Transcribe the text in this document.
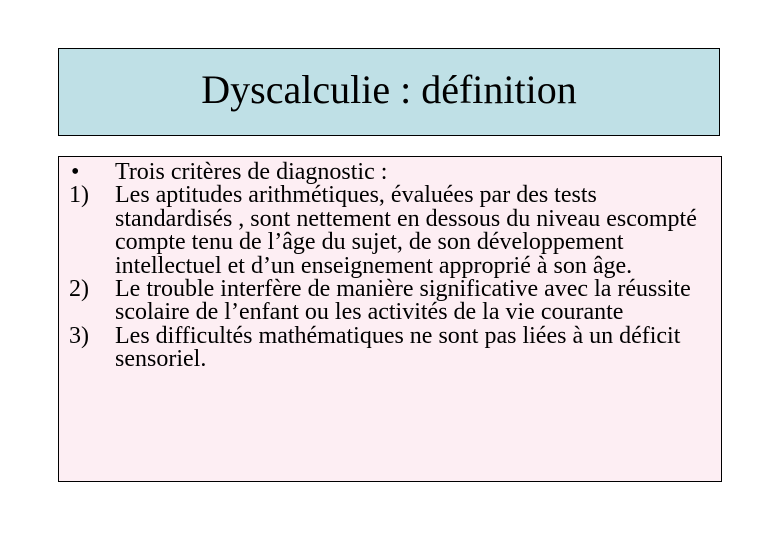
Dyscalculie : définition
• Trois critères de diagnostic :
1) Les aptitudes arithmétiques, évaluées par des tests standardisés , sont nettement en dessous du niveau escompté compte tenu de l’âge du sujet, de son développement intellectuel et d’un enseignement approprié à son âge.
2) Le trouble interfère de manière significative avec la réussite scolaire de l’enfant ou les activités de la vie courante
3) Les difficultés mathématiques ne sont pas liées à un déficit sensoriel.
